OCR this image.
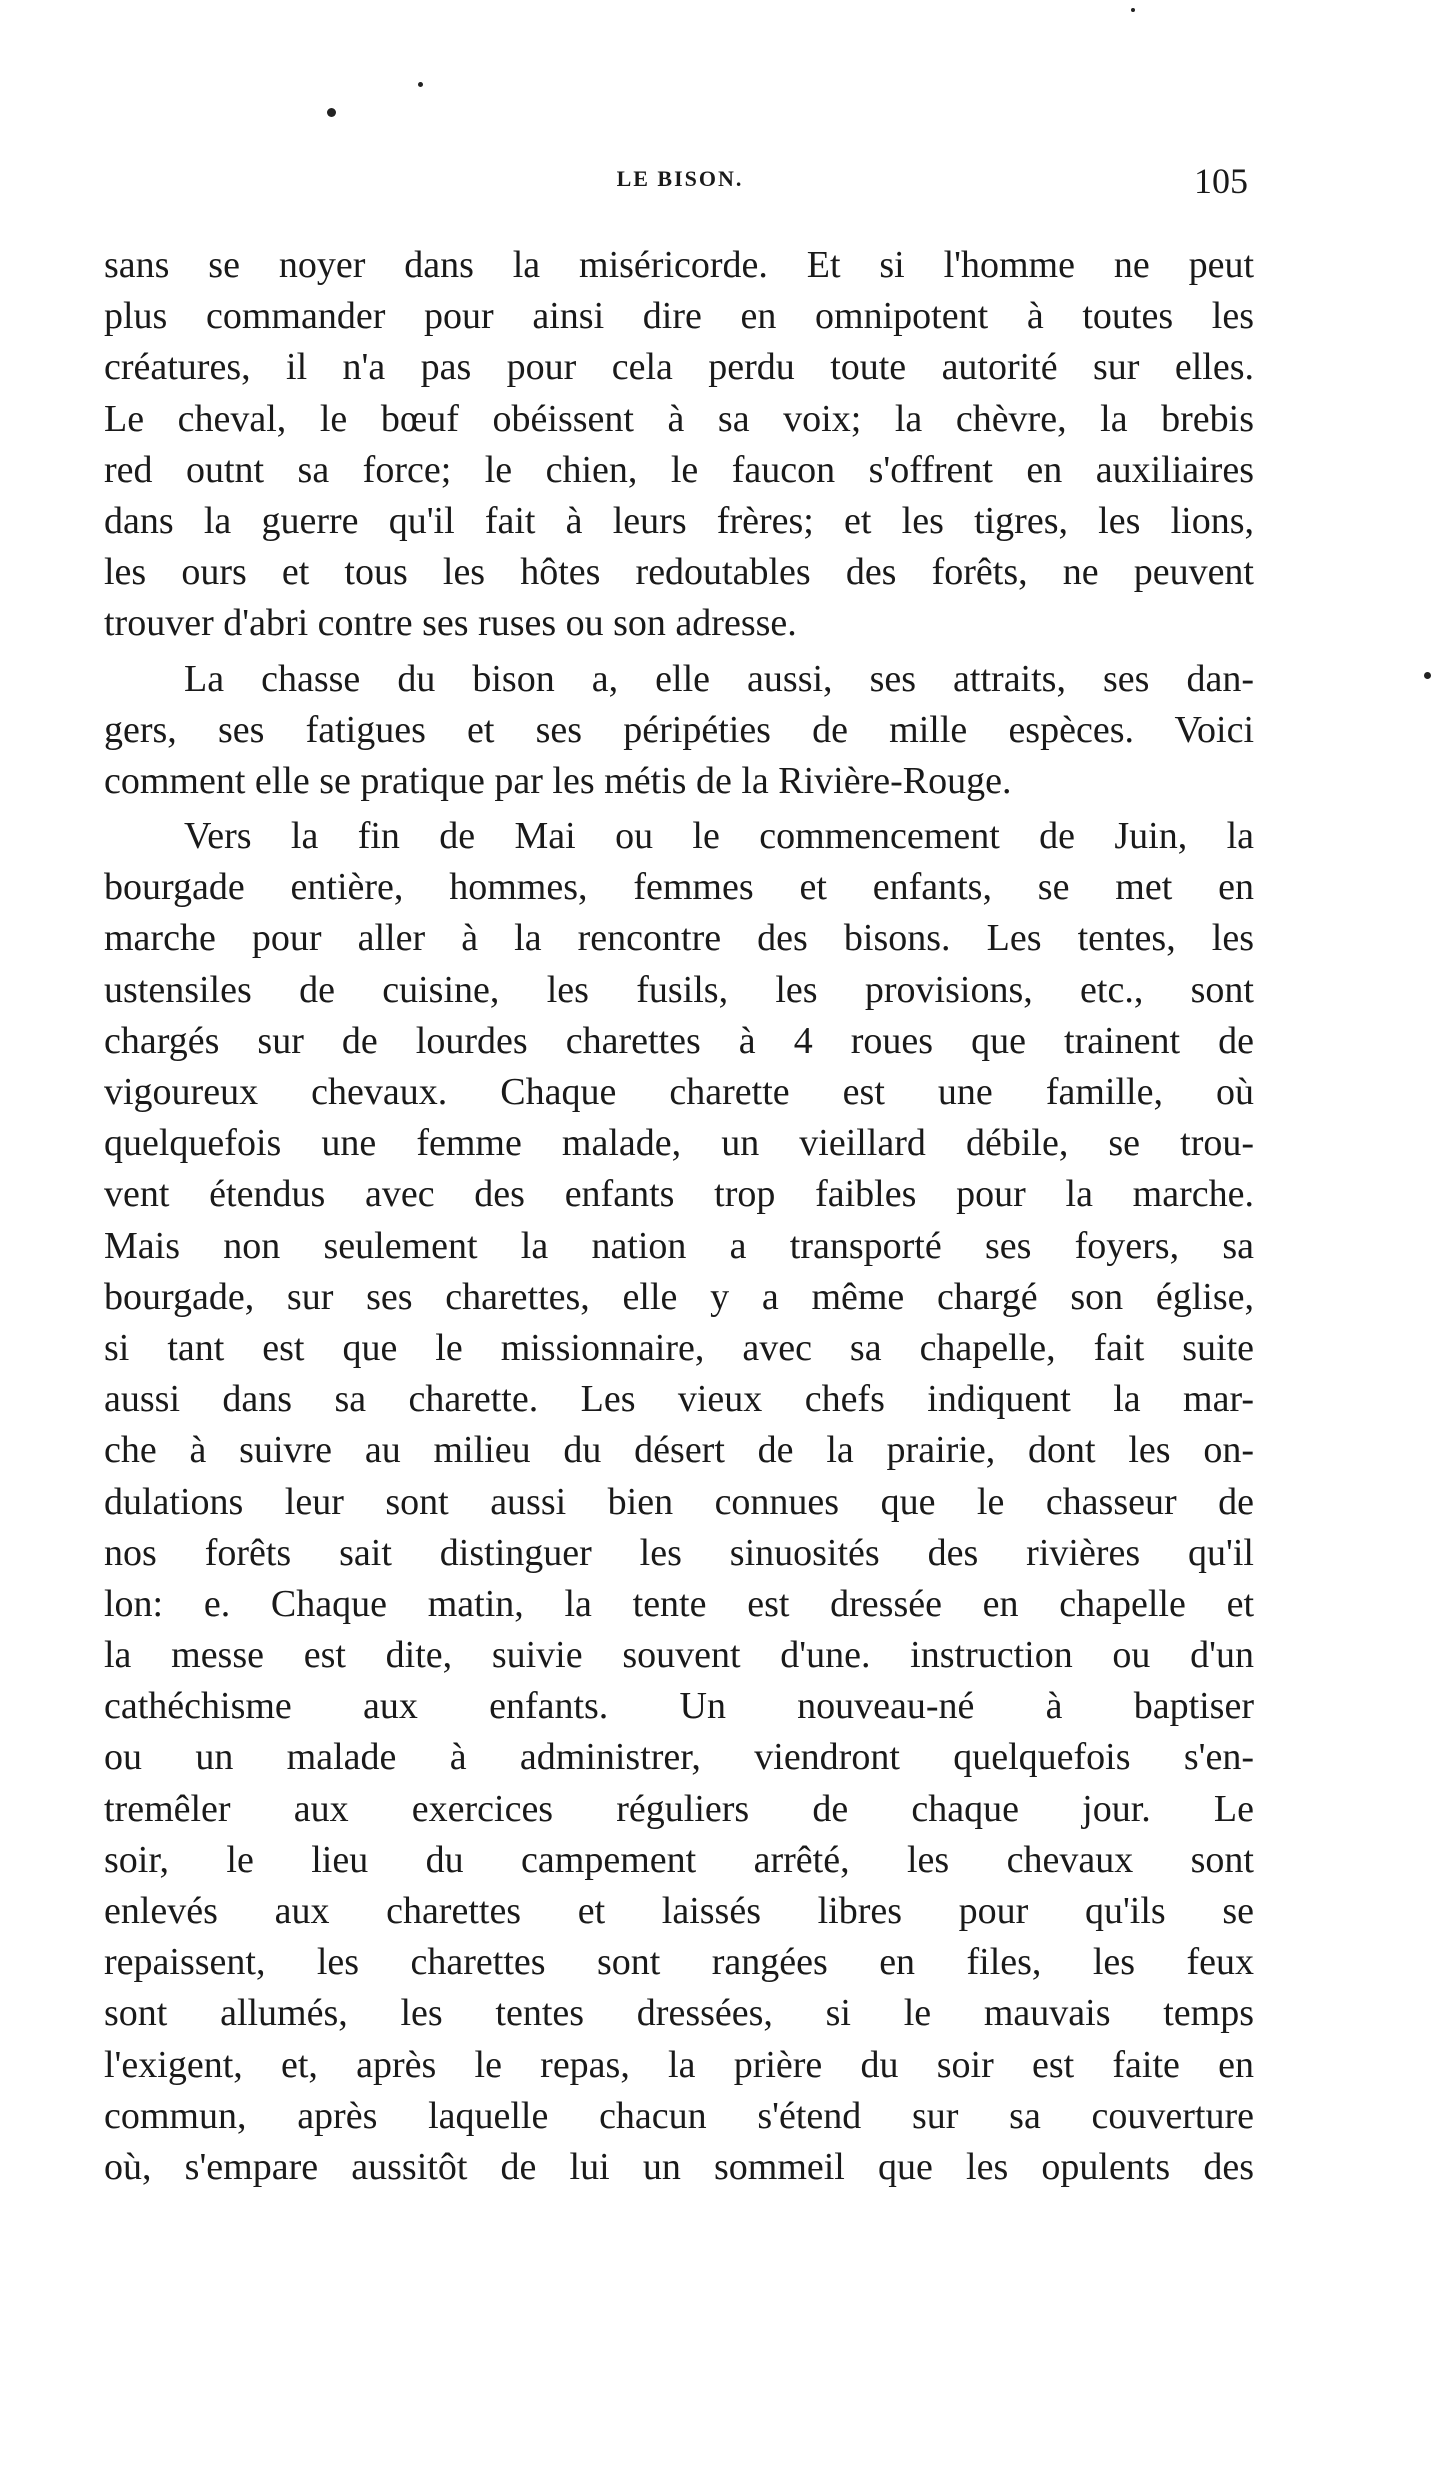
LE BISON.	105
sans se noyer dans la miséricorde. Et si l'homme ne peut
plus commander pour ainsi dire en omnipotent à toutes les
créatures, il n'a pas pour cela perdu toute autorité sur elles.
Le cheval, le bœuf obéissent à sa voix; la chèvre, la brebis
red outnt sa force; le chien, le faucon s'offrent en auxiliaires
dans la guerre qu'il fait à leurs frères; et les tigres, les lions,
les ours et tous les hôtes redoutables des forêts, ne peuvent
trouver d'abri contre ses ruses ou son adresse.
La chasse du bison a, elle aussi, ses attraits, ses dan-
gers, ses fatigues et ses péripéties de mille espèces. Voici
comment elle se pratique par les métis de la Rivière-Rouge.
Vers la fin de Mai ou le commencement de Juin, la
bourgade entière, hommes, femmes et enfants, se met en
marche pour aller à la rencontre des bisons. Les tentes, les
ustensiles de cuisine, les fusils, les provisions, etc., sont
chargés sur de lourdes charettes à 4 roues que trainent de
vigoureux chevaux. Chaque charette est une famille, où
quelquefois une femme malade, un vieillard débile, se trou-
vent étendus avec des enfants trop faibles pour la marche.
Mais non seulement la nation a transporté ses foyers, sa
bourgade, sur ses charettes, elle y a même chargé son église,
si tant est que le missionnaire, avec sa chapelle, fait suite
aussi dans sa charette. Les vieux chefs indiquent la mar-
che à suivre au milieu du désert de la prairie, dont les on-
dulations leur sont aussi bien connues que le chasseur de
nos forêts sait distinguer les sinuosités des rivières qu'il
lon: e. Chaque matin, la tente est dressée en chapelle et
la messe est dite, suivie souvent d'une. instruction ou d'un
cathéchisme aux enfants. Un nouveau-né à baptiser
ou un malade à administrer, viendront quelquefois s'en-
tremêler aux exercices réguliers de chaque jour. Le
soir, le lieu du campement arrêté, les chevaux sont
enlevés aux charettes et laissés libres pour qu'ils se
repaissent, les charettes sont rangées en files, les feux
sont allumés, les tentes dressées, si le mauvais temps
l'exigent, et, après le repas, la prière du soir est faite en
commun, après laquelle chacun s'étend sur sa couverture
où, s'empare aussitôt de lui un sommeil que les opulents des
